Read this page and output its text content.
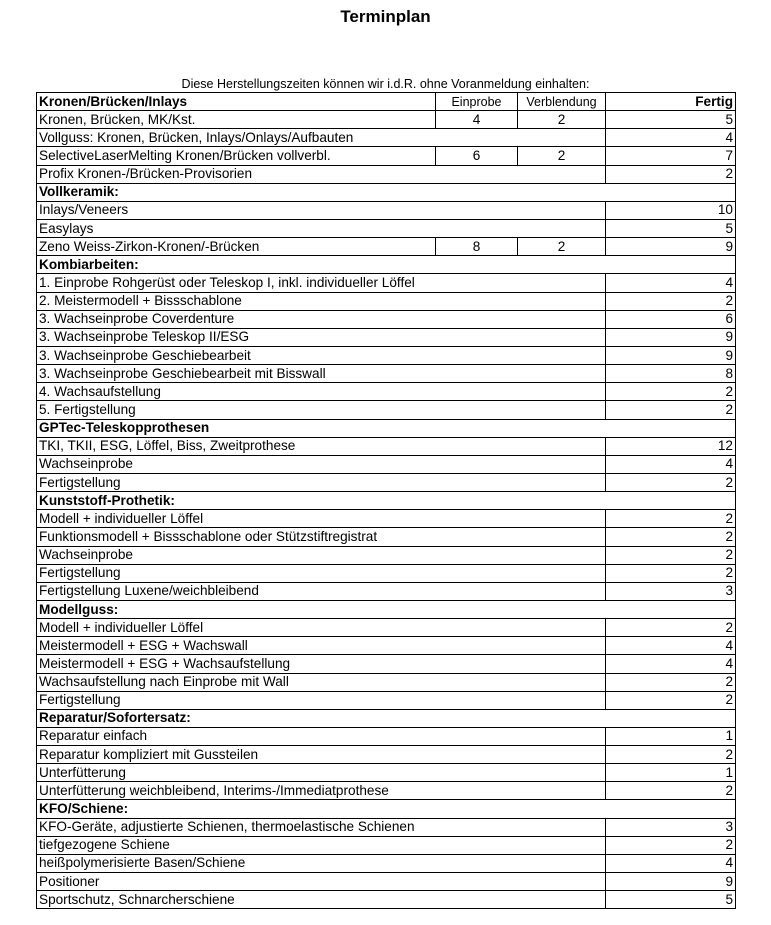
Terminplan
Diese Herstellungszeiten können wir i.d.R. ohne Voranmeldung einhalten:
Kronen/Brücken/Inlays	Einprobe	Verblendung	Fertig
Kronen, Brücken, MK/Kst.	4	2	5
Vollguss: Kronen, Brücken, Inlays/Onlays/Aufbauten			4
SelectiveLaserMelting Kronen/Brücken vollverbl.	6	2	7
Profix Kronen-/Brücken-Provisorien			2
Vollkeramik:			
Inlays/Veneers			10
Easylays			5
Zeno Weiss-Zirkon-Kronen/-Brücken	8	2	9
Kombiarbeiten:			
1. Einprobe Rohgerüst oder Teleskop I, inkl. individueller Löffel			4
2. Meistermodell + Bissschablone			2
3. Wachseinprobe Coverdenture			6
3. Wachseinprobe Teleskop II/ESG			9
3. Wachseinprobe Geschiebearbeit			9
3. Wachseinprobe Geschiebearbeit mit Bisswall			8
4. Wachsaufstellung			2
5. Fertigstellung			2
GPTec-Teleskopprothesen			
TKI, TKII, ESG, Löffel, Biss, Zweitprothese			12
Wachseinprobe			4
Fertigstellung			2
Kunststoff-Prothetik:			
Modell + individueller Löffel			2
Funktionsmodell + Bissschablone oder Stützstiftregistrat			2
Wachseinprobe			2
Fertigstellung			2
Fertigstellung Luxene/weichbleibend			3
Modellguss:			
Modell + individueller Löffel			2
Meistermodell + ESG + Wachswall			4
Meistermodell + ESG + Wachsaufstellung			4
Wachsaufstellung nach Einprobe mit Wall			2
Fertigstellung			2
Reparatur/Sofortersatz:			
Reparatur einfach			1
Reparatur kompliziert mit Gussteilen			2
Unterfütterung			1
Unterfütterung weichbleibend, Interims-/Immediatprothese			2
KFO/Schiene:			
KFO-Geräte, adjustierte Schienen, thermoelastische Schienen			3
tiefgezogene Schiene			2
heißpolymerisierte Basen/Schiene			4
Positioner			9
Sportschutz, Schnarcherschiene			5
